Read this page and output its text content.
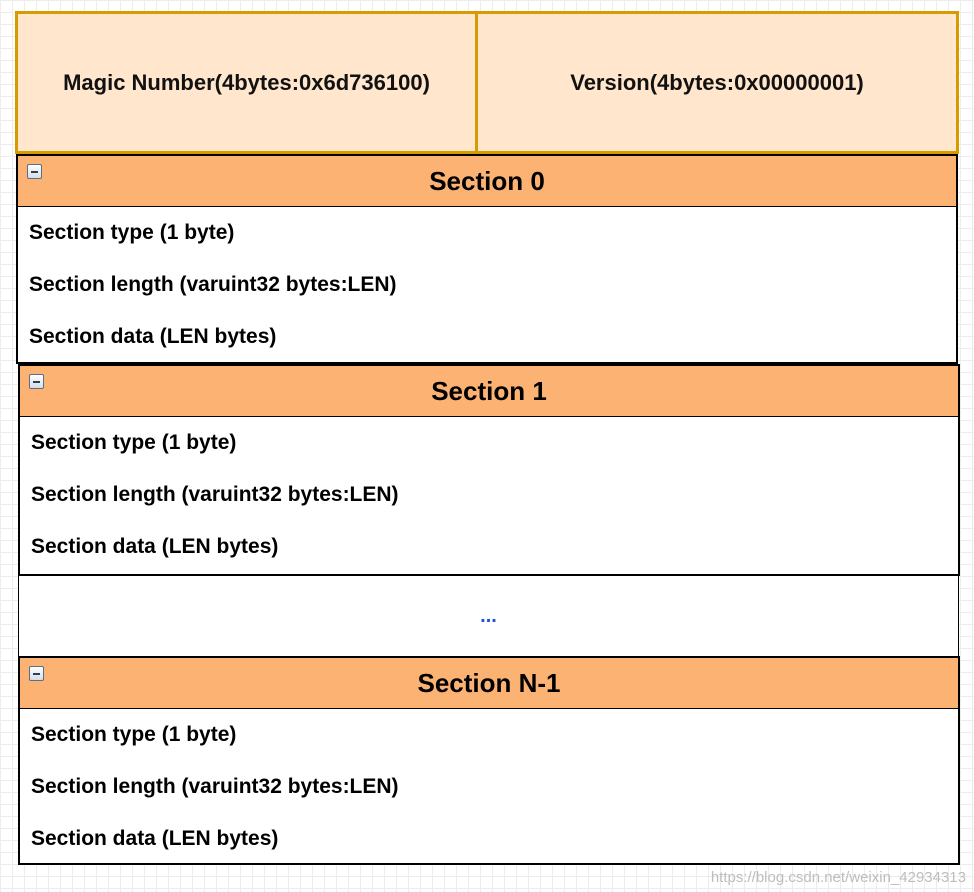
Magic Number(4bytes:0x6d736100)	Version(4bytes:0x00000001)
Section 0
Section type (1 byte)
Section length (varuint32 bytes:LEN)
Section data (LEN bytes)
Section 1
Section type (1 byte)
Section length (varuint32 bytes:LEN)
Section data (LEN bytes)
...
Section N-1
Section type (1 byte)
Section length (varuint32 bytes:LEN)
Section data (LEN bytes)
https://blog.csdn.net/weixin_42934313
